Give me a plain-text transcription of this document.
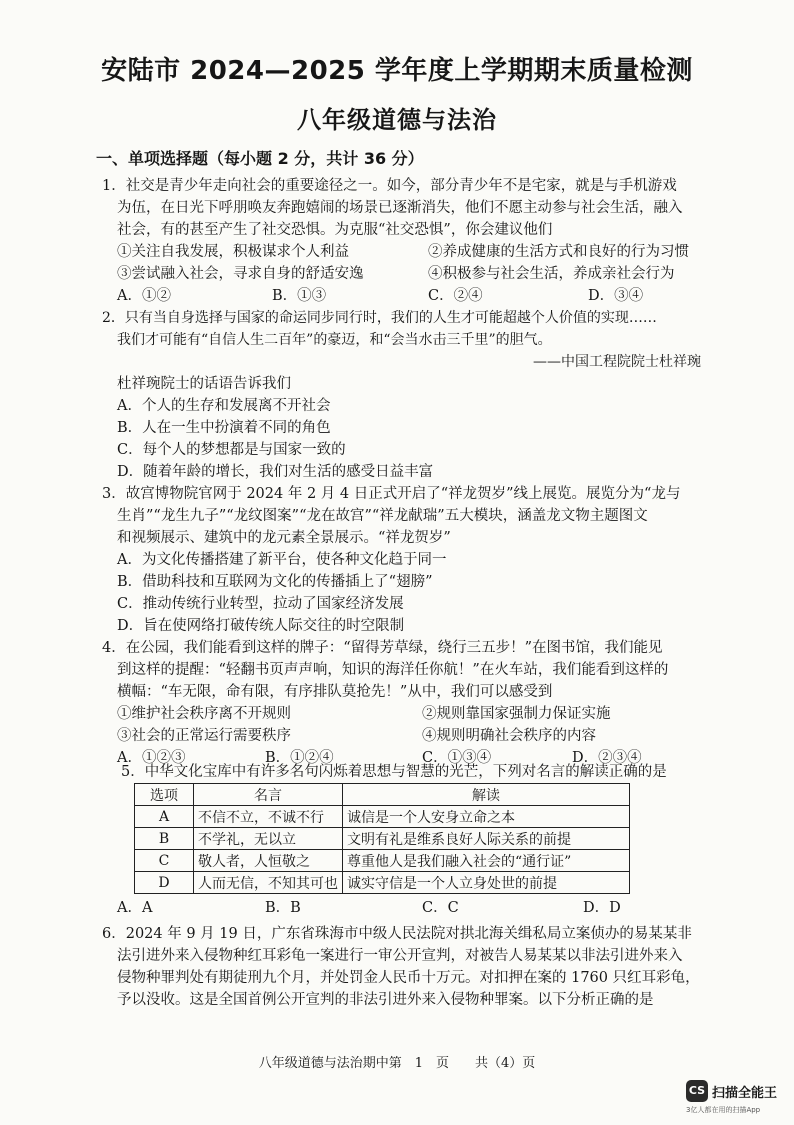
安陆市 2024—2025 学年度上学期期末质量检测
八年级道德与法治
一、单项选择题（每小题 2 分，共计 36 分）
1．社交是青少年走向社会的重要途径之一。如今，部分青少年不是宅家，就是与手机游戏
为伍，在日光下呼朋唤友奔跑嬉闹的场景已逐渐消失，他们不愿主动参与社会生活，融入
社会，有的甚至产生了社交恐惧。为克服“社交恐惧”，你会建议他们
①关注自我发展，积极谋求个人利益	②养成健康的生活方式和良好的行为习惯
③尝试融入社会，寻求自身的舒适安逸	④积极参与社会生活，养成亲社会行为
A．①②	B．①③	C．②④	D．③④
2．只有当自身选择与国家的命运同步同行时，我们的人生才可能超越个人价值的实现……
我们才可能有“自信人生二百年”的豪迈，和“会当水击三千里”的胆气。
——中国工程院院士杜祥琬
杜祥琬院士的话语告诉我们
A．个人的生存和发展离不开社会
B．人在一生中扮演着不同的角色
C．每个人的梦想都是与国家一致的
D．随着年龄的增长，我们对生活的感受日益丰富
3．故宫博物院官网于 2024 年 2 月 4 日正式开启了“祥龙贺岁”线上展览。展览分为“龙与
生肖”“龙生九子”“龙纹图案”“龙在故宫”“祥龙献瑞”五大模块，涵盖龙文物主题图文
和视频展示、建筑中的龙元素全景展示。“祥龙贺岁”
A．为文化传播搭建了新平台，使各种文化趋于同一
B．借助科技和互联网为文化的传播插上了“翅膀”
C．推动传统行业转型，拉动了国家经济发展
D．旨在使网络打破传统人际交往的时空限制
4．在公园，我们能看到这样的牌子：“留得芳草绿，绕行三五步！”在图书馆，我们能见
到这样的提醒：“轻翻书页声声响，知识的海洋任你航！”在火车站，我们能看到这样的
横幅：“车无限，命有限，有序排队莫抢先！”从中，我们可以感受到
①维护社会秩序离不开规则	②规则靠国家强制力保证实施
③社会的正常运行需要秩序	④规则明确社会秩序的内容
A．①②③	B．①②④	C．①③④	D．②③④
5．中华文化宝库中有许多名句闪烁着思想与智慧的光芒，下列对名言的解读正确的是
选项	名言	解读
A	不信不立，不诚不行	诚信是一个人安身立命之本
B	不学礼，无以立	文明有礼是维系良好人际关系的前提
C	敬人者，人恒敬之	尊重他人是我们融入社会的“通行证”
D	人而无信，不知其可也	诚实守信是一个人立身处世的前提
A．A	B．B	C．C	D．D
6．2024 年 9 月 19 日，广东省珠海市中级人民法院对拱北海关缉私局立案侦办的易某某非
法引进外来入侵物种红耳彩龟一案进行一审公开宣判，对被告人易某某以非法引进外来入
侵物种罪判处有期徒刑九个月，并处罚金人民币十万元。对扣押在案的 1760 只红耳彩龟，
予以没收。这是全国首例公开宣判的非法引进外来入侵物种罪案。以下分析正确的是
八年级道德与法治期中第　1　页　　共（4）页
CS 扫描全能王
3亿人都在用的扫描App
